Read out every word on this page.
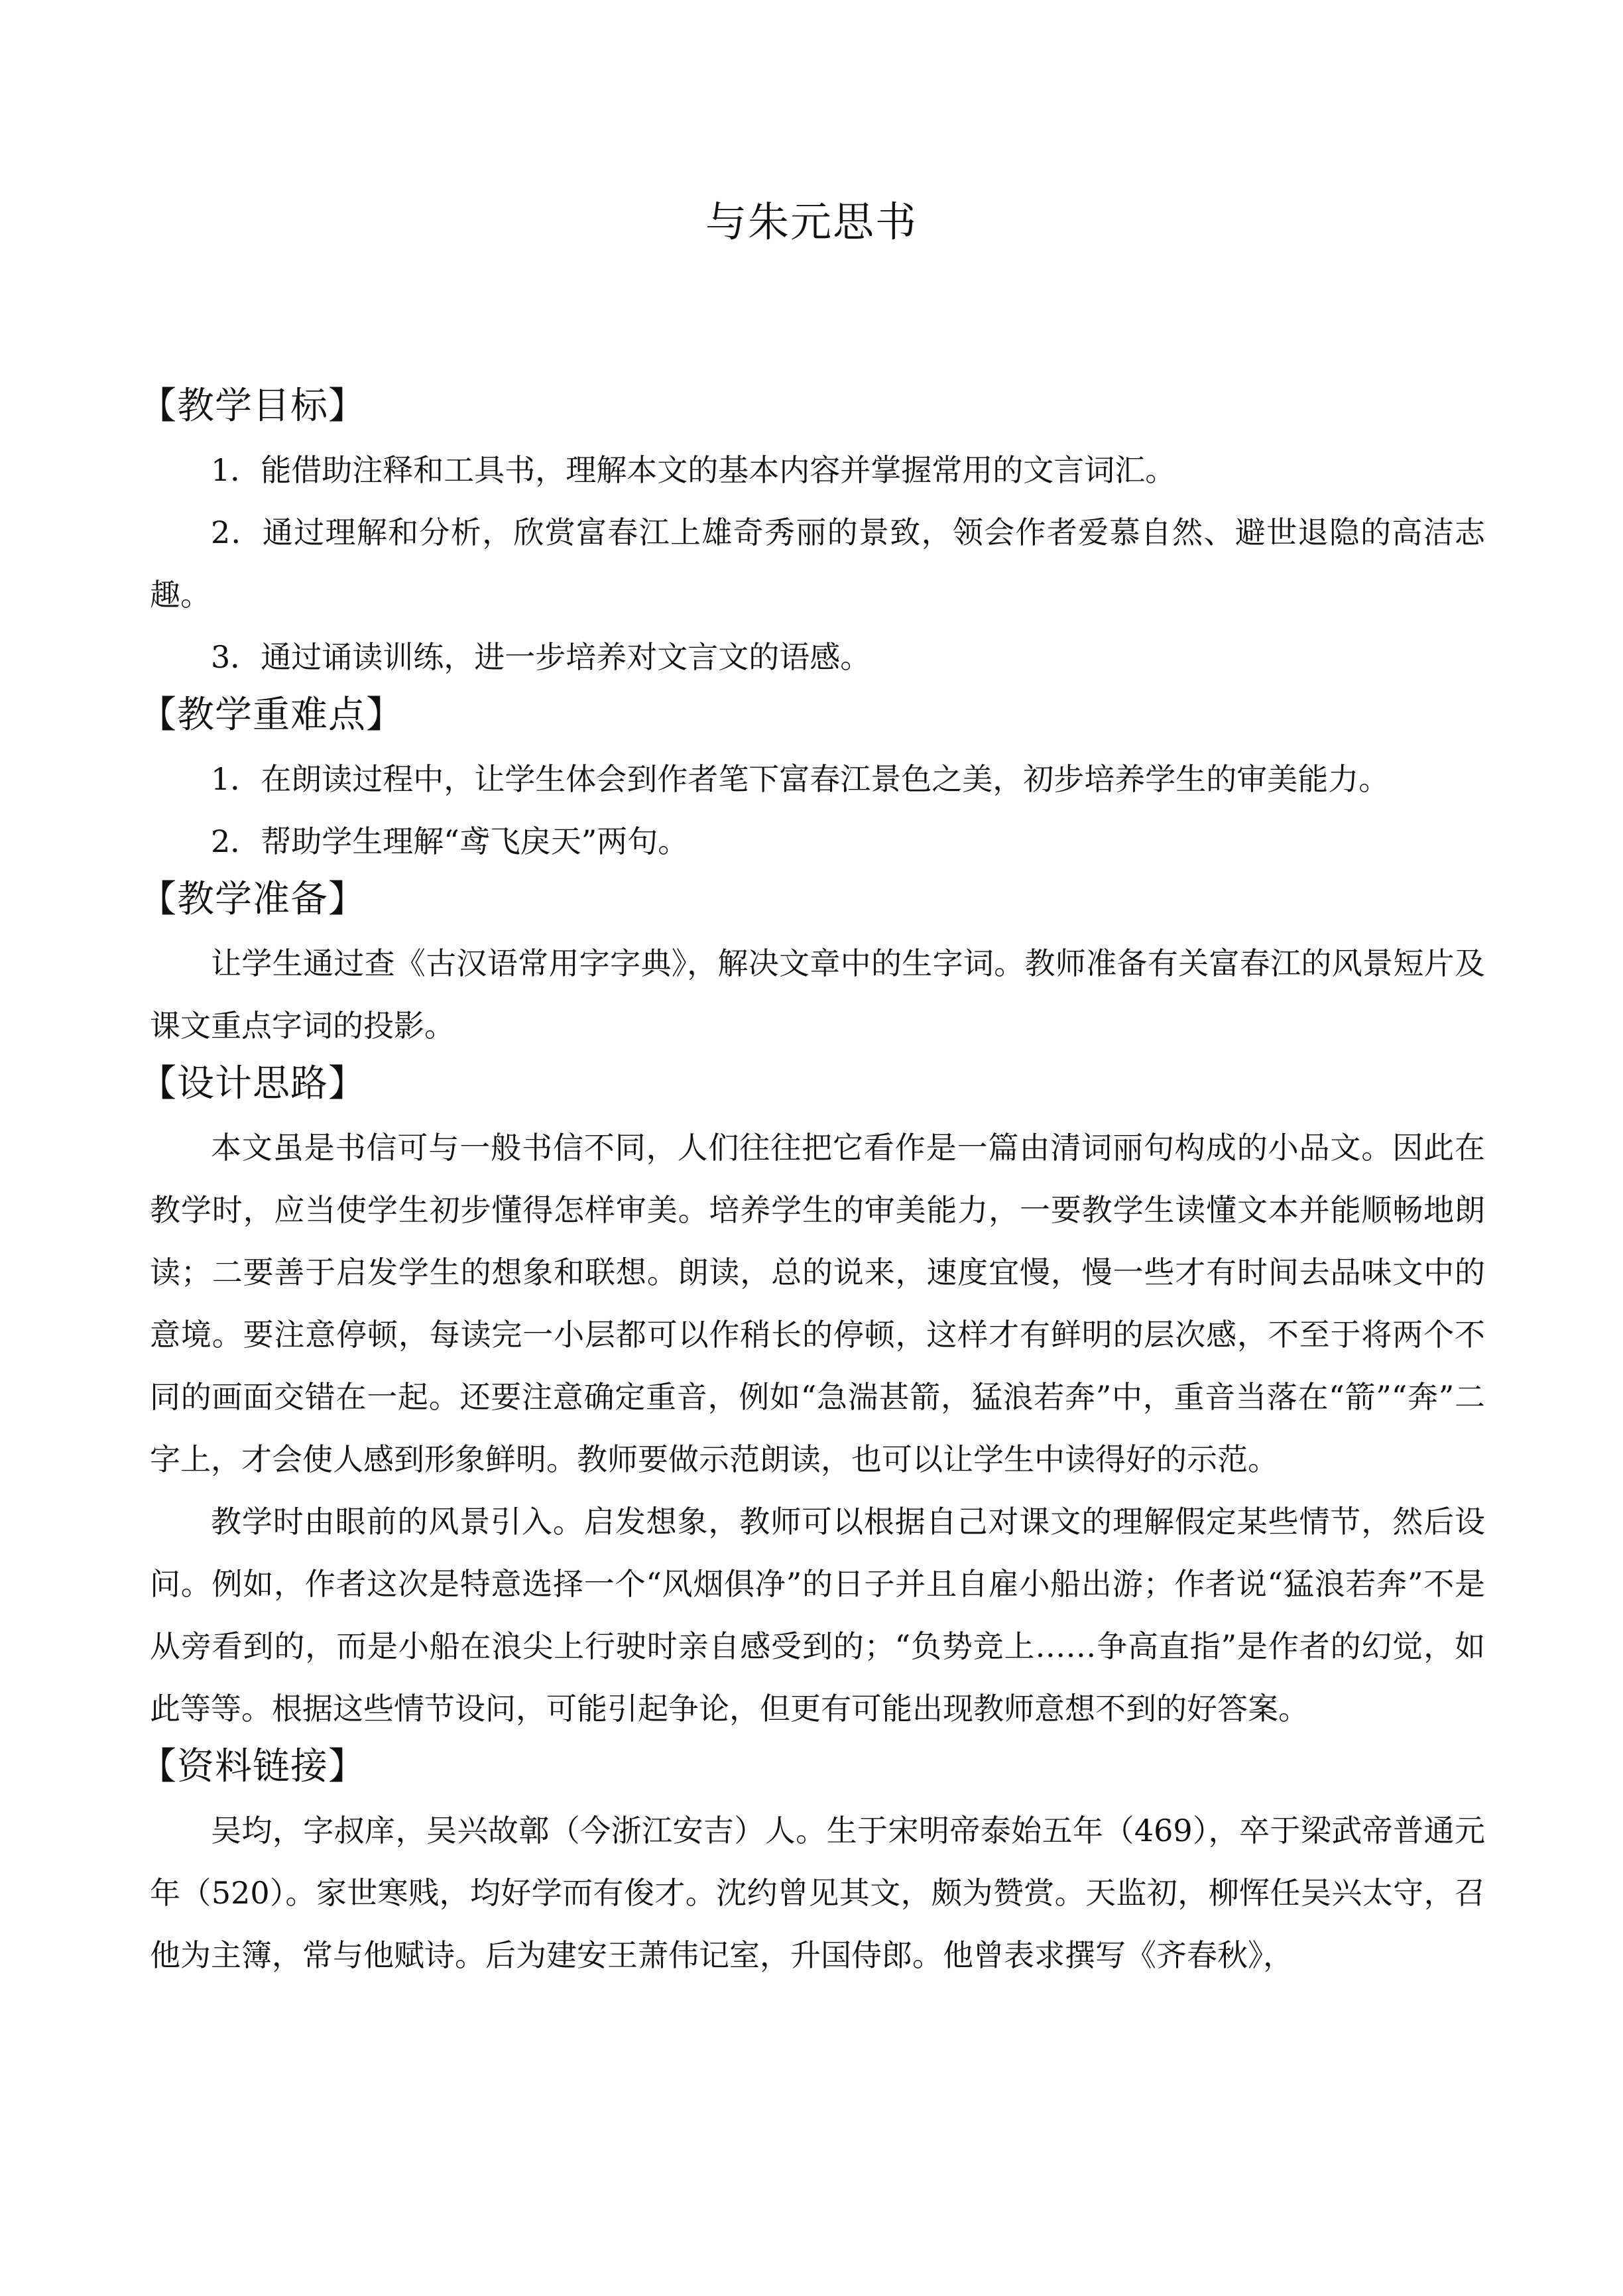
与朱元思书
【教学目标】

1．能借助注释和工具书，理解本文的基本内容并掌握常用的文言词汇。

2．通过理解和分析，欣赏富春江上雄奇秀丽的景致，领会作者爱慕自然、避世退隐的高洁志趣。

3．通过诵读训练，进一步培养对文言文的语感。

【教学重难点】

1．在朗读过程中，让学生体会到作者笔下富春江景色之美，初步培养学生的审美能力。

2．帮助学生理解“鸢飞戾天”两句。

【教学准备】

让学生通过查《古汉语常用字字典》，解决文章中的生字词。教师准备有关富春江的风景短片及课文重点字词的投影。

【设计思路】

本文虽是书信可与一般书信不同，人们往往把它看作是一篇由清词丽句构成的小品文。因此在教学时，应当使学生初步懂得怎样审美。培养学生的审美能力，一要教学生读懂文本并能顺畅地朗读；二要善于启发学生的想象和联想。朗读，总的说来，速度宜慢，慢一些才有时间去品味文中的意境。要注意停顿，每读完一小层都可以作稍长的停顿，这样才有鲜明的层次感，不至于将两个不同的画面交错在一起。还要注意确定重音，例如“急湍甚箭，猛浪若奔”中，重音当落在“箭”“奔”二字上，才会使人感到形象鲜明。教师要做示范朗读，也可以让学生中读得好的示范。

教学时由眼前的风景引入。启发想象，教师可以根据自己对课文的理解假定某些情节，然后设问。例如，作者这次是特意选择一个“风烟俱净”的日子并且自雇小船出游；作者说“猛浪若奔”不是从旁看到的，而是小船在浪尖上行驶时亲自感受到的；“负势竞上……争高直指”是作者的幻觉，如此等等。根据这些情节设问，可能引起争论，但更有可能出现教师意想不到的好答案。

【资料链接】

吴均，字叔庠，吴兴故鄣（今浙江安吉）人。生于宋明帝泰始五年（469），卒于梁武帝普通元年（520）。家世寒贱，均好学而有俊才。沈约曾见其文，颇为赞赏。天监初，柳恽任吴兴太守，召他为主簿，常与他赋诗。后为建安王萧伟记室，升国侍郎。他曾表求撰写《齐春秋》，
